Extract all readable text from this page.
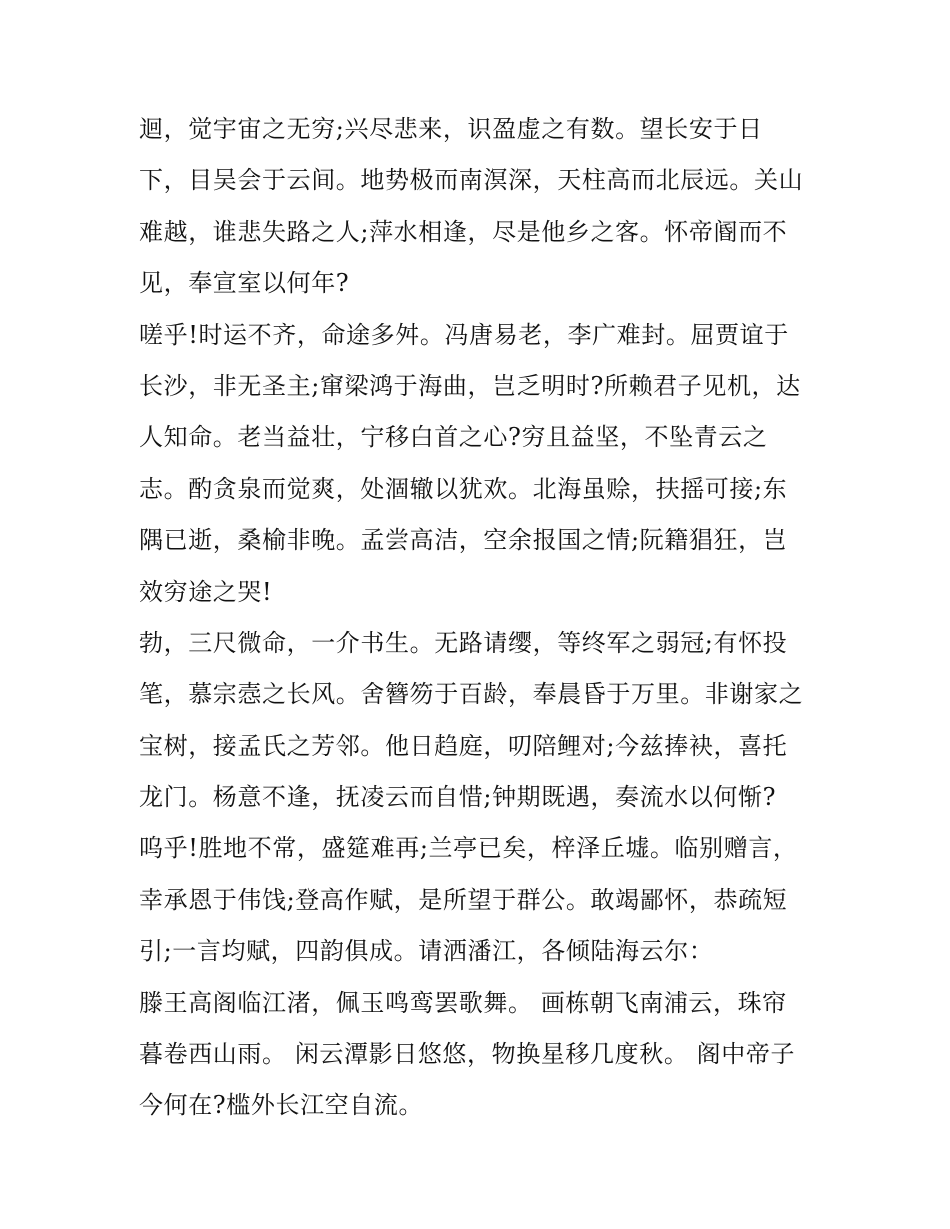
迴，觉宇宙之无穷;兴尽悲来，识盈虚之有数。望长安于日
下，目吴会于云间。地势极而南溟深，天柱高而北辰远。关山
难越，谁悲失路之人;萍水相逢，尽是他乡之客。怀帝阍而不
见，奉宣室以何年?
嗟乎!时运不齐，命途多舛。冯唐易老，李广难封。屈贾谊于
长沙，非无圣主;窜梁鸿于海曲，岂乏明时?所赖君子见机，达
人知命。老当益壮，宁移白首之心?穷且益坚，不坠青云之
志。酌贪泉而觉爽，处涸辙以犹欢。北海虽赊，扶摇可接;东
隅已逝，桑榆非晚。孟尝高洁，空余报国之情;阮籍猖狂，岂
效穷途之哭!
勃，三尺微命，一介书生。无路请缨，等终军之弱冠;有怀投
笔，慕宗悫之长风。舍簪笏于百龄，奉晨昏于万里。非谢家之
宝树，接孟氏之芳邻。他日趋庭，叨陪鲤对;今兹捧袂，喜托
龙门。杨意不逢，抚凌云而自惜;钟期既遇，奏流水以何惭?
呜乎!胜地不常，盛筵难再;兰亭已矣，梓泽丘墟。临别赠言，
幸承恩于伟饯;登高作赋，是所望于群公。敢竭鄙怀，恭疏短
引;一言均赋，四韵俱成。请洒潘江，各倾陆海云尔：
滕王高阁临江渚，佩玉鸣鸾罢歌舞。 画栋朝飞南浦云，珠帘
暮卷西山雨。 闲云潭影日悠悠，物换星移几度秋。 阁中帝子
今何在?槛外长江空自流。
